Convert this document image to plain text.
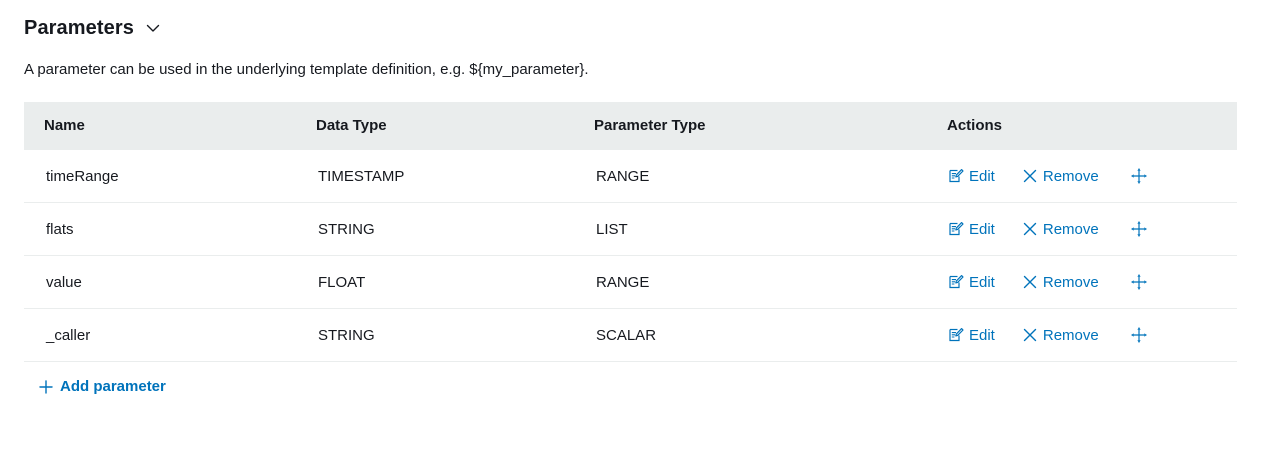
Parameters
A parameter can be used in the underlying template definition, e.g. ${my_parameter}.
Name	Data Type	Parameter Type	Actions
timeRange	TIMESTAMP	RANGE	Edit Remove

flats	STRING	LIST	Edit Remove

value	FLOAT	RANGE	Edit Remove

_caller	STRING	SCALAR	Edit Remove
Add parameter
